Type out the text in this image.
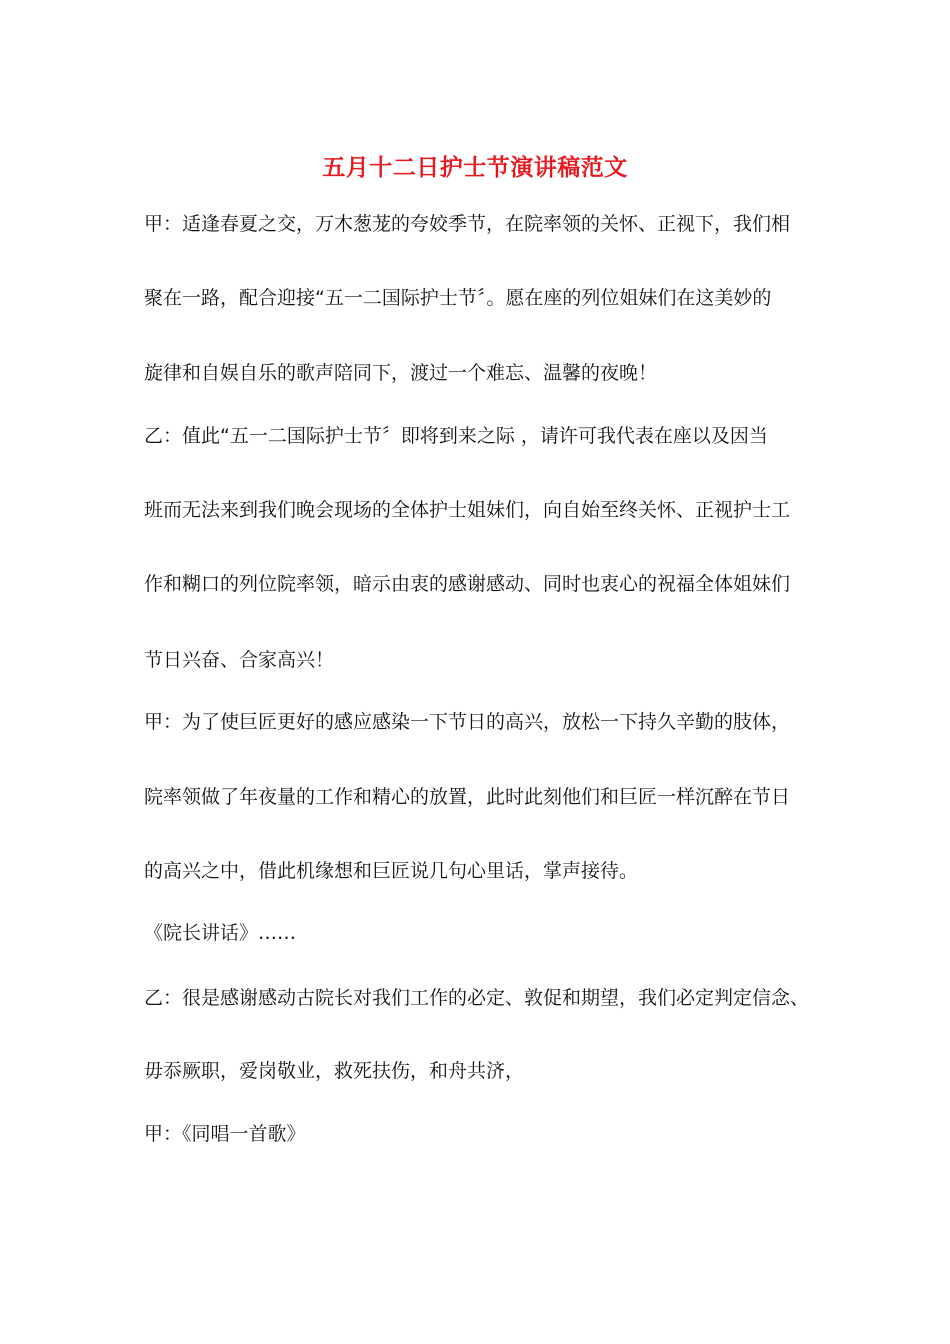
五月十二日护士节演讲稿范文
甲：适逢春夏之交，万木葱茏的夸姣季节，在院率领的关怀、正视下，我们相
聚在一路，配合迎接“五一二国际护士节〞。愿在座的列位姐妹们在这美妙的
旋律和自娱自乐的歌声陪同下，渡过一个难忘、温馨的夜晚！
乙：值此“五一二国际护士节〞即将到来之际 ，请许可我代表在座以及因当
班而无法来到我们晚会现场的全体护士姐妹们，向自始至终关怀、正视护士工
作和糊口的列位院率领，暗示由衷的感谢感动、同时也衷心的祝福全体姐妹们
节日兴奋、合家高兴！
甲：为了使巨匠更好的感应感染一下节日的高兴，放松一下持久辛勤的肢体，
院率领做了年夜量的工作和精心的放置，此时此刻他们和巨匠一样沉醉在节日
的高兴之中，借此机缘想和巨匠说几句心里话，掌声接待。
《院长讲话》……
乙：很是感谢感动古院长对我们工作的必定、敦促和期望，我们必定判定信念、
毋忝厥职，爱岗敬业，救死扶伤，和舟共济，
甲：《同唱一首歌》
